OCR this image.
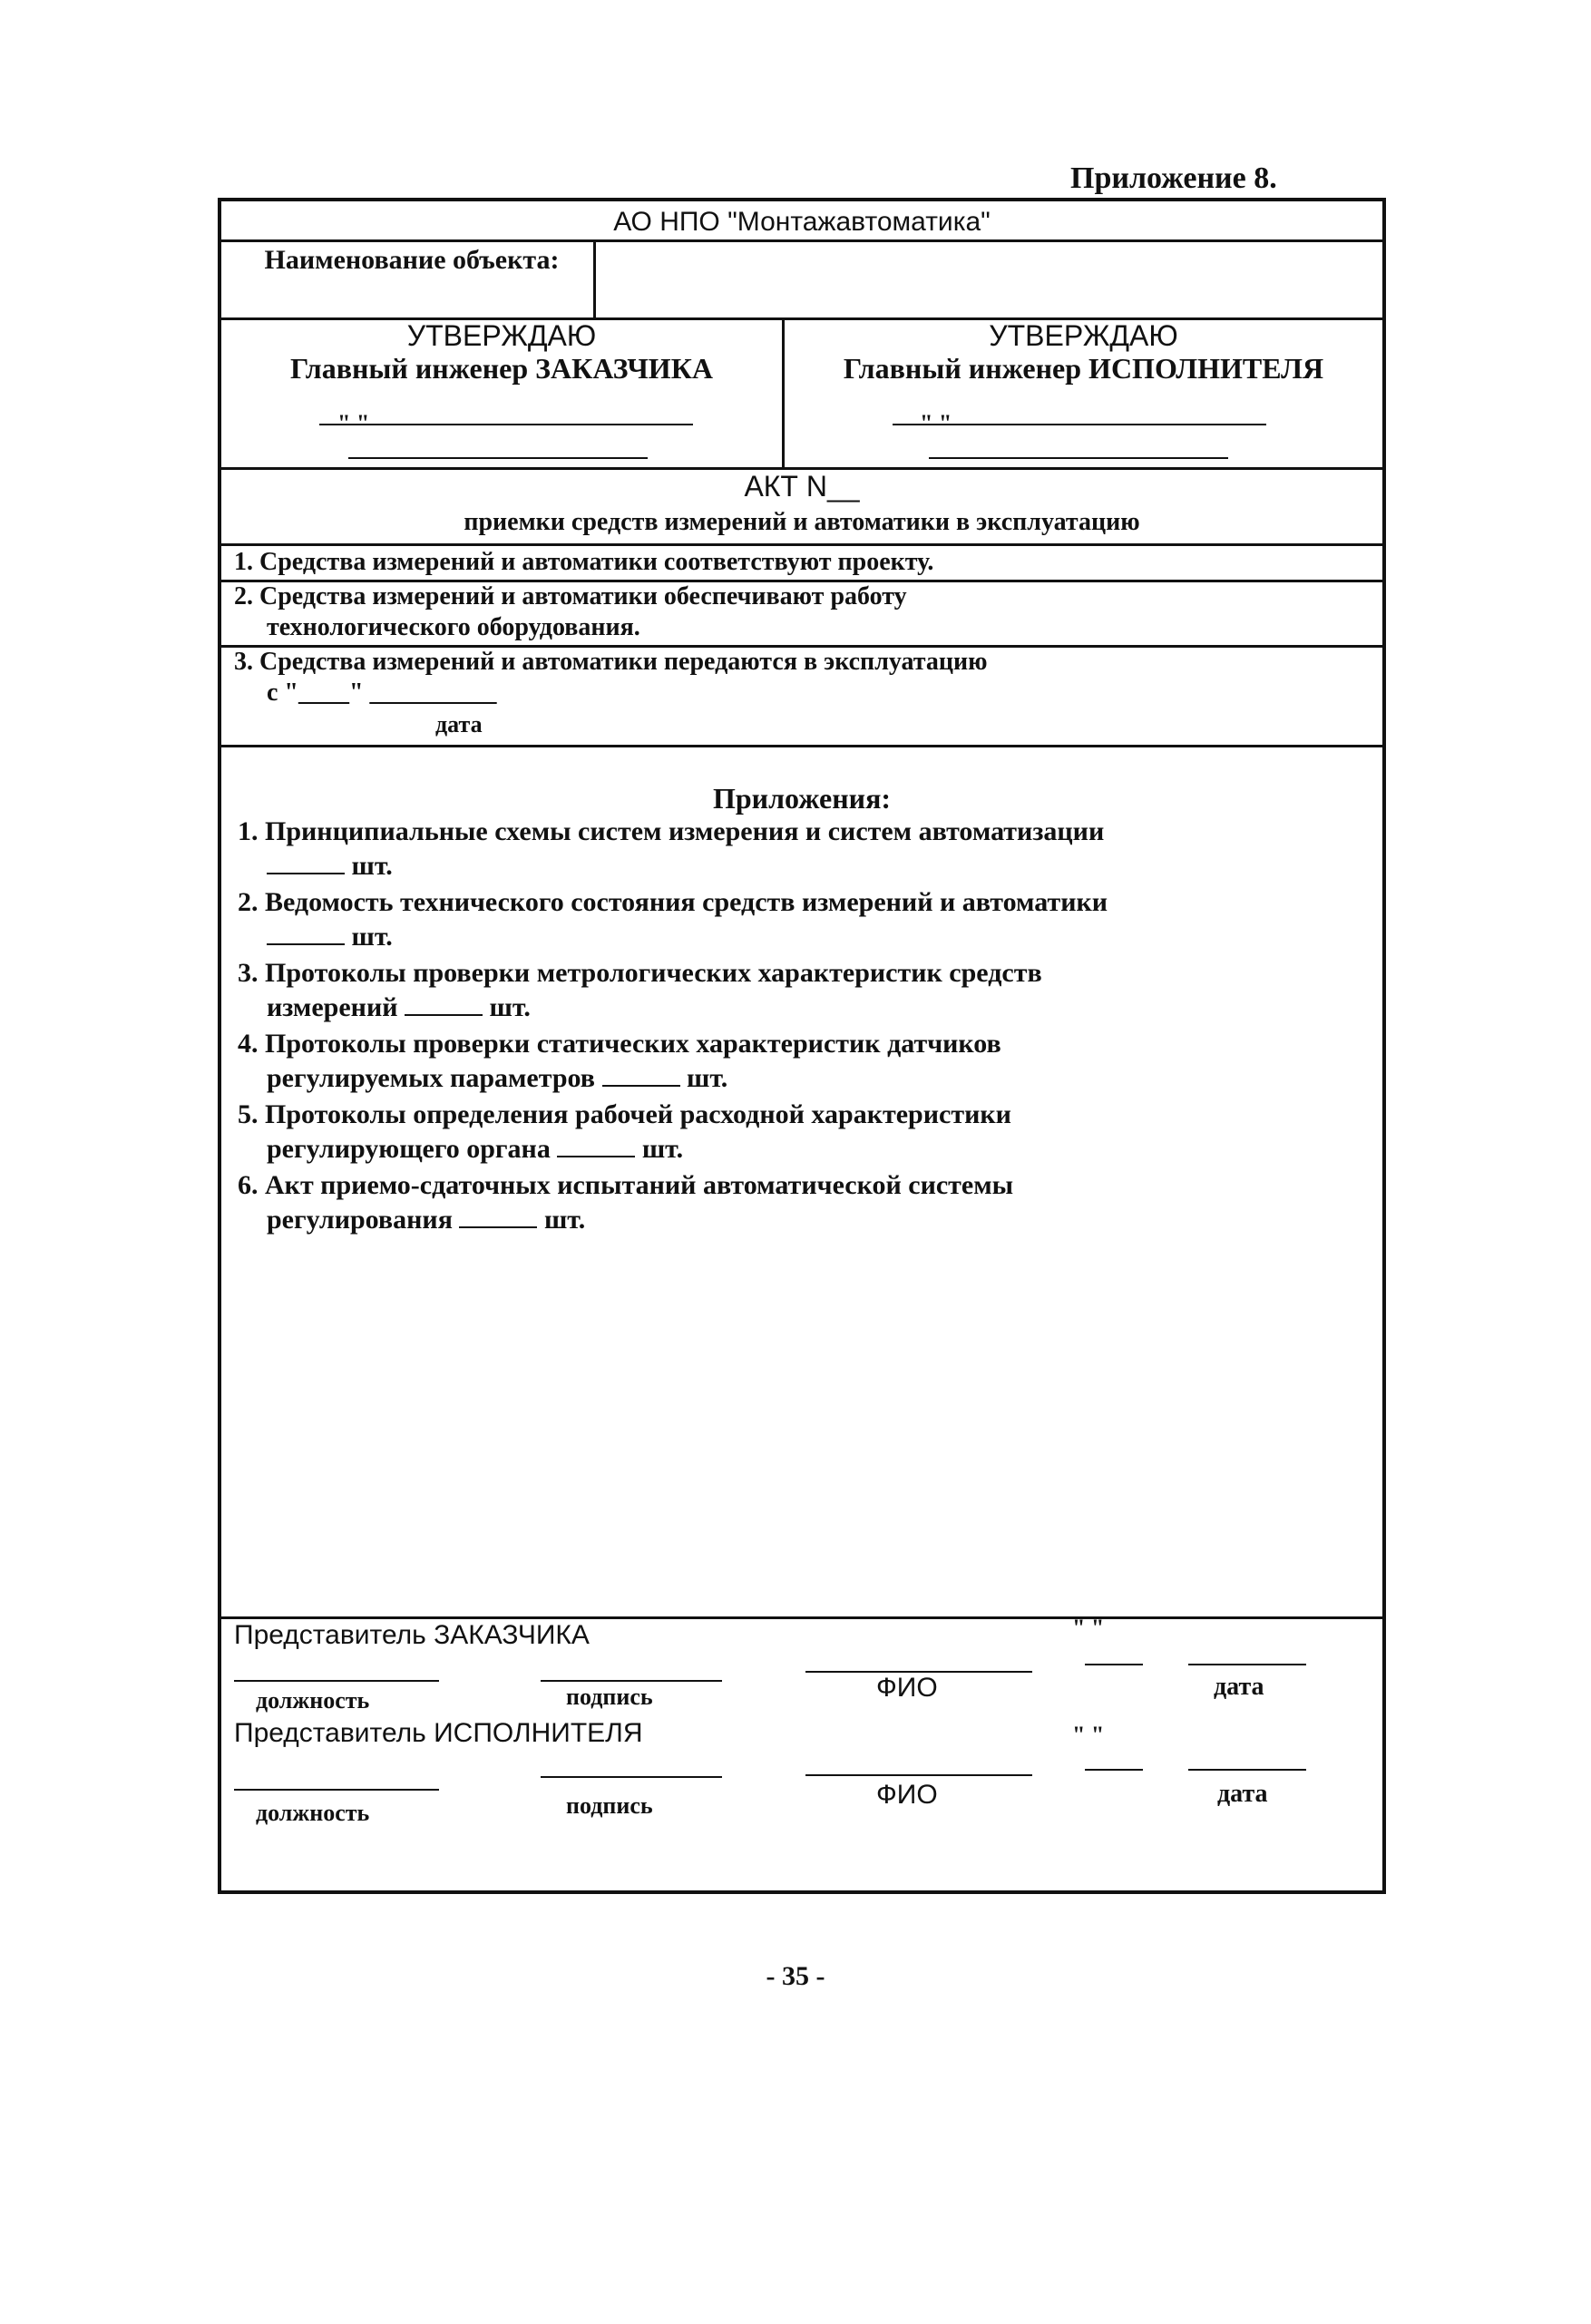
Приложение 8.
АО НПО "Монтажавтоматика"
Наименование объекта:
УТВЕРЖДАЮ
Главный инженер ЗАКАЗЧИКА
" "
УТВЕРЖДАЮ
Главный инженер ИСПОЛНИТЕЛЯ
" "
АКТ N__
приемки средств измерений и автоматики в эксплуатацию
1. Средства измерений и автоматики соответствуют проекту.
2. Средства измерений и автоматики обеспечивают работу
технологического оборудования.
3. Средства измерений и автоматики передаются в эксплуатацию
с "____" __________
дата
Приложения:
1. Принципиальные схемы систем измерения и систем автоматизации
шт.
2. Ведомость технического состояния средств измерений и автоматики
шт.
3. Протоколы проверки метрологических характеристик средств
измерений	шт.
4. Протоколы проверки статических характеристик датчиков
регулируемых параметров	шт.
5. Протоколы определения рабочей расходной характеристики
регулирующего органа	шт.
6. Акт приемо-сдаточных испытаний автоматической системы
регулирования	шт.
Представитель ЗАКАЗЧИКА	" "
должность	подпись	ФИО	дата
Представитель ИСПОЛНИТЕЛЯ	" "
должность	подпись	ФИО	дата
- 35 -
